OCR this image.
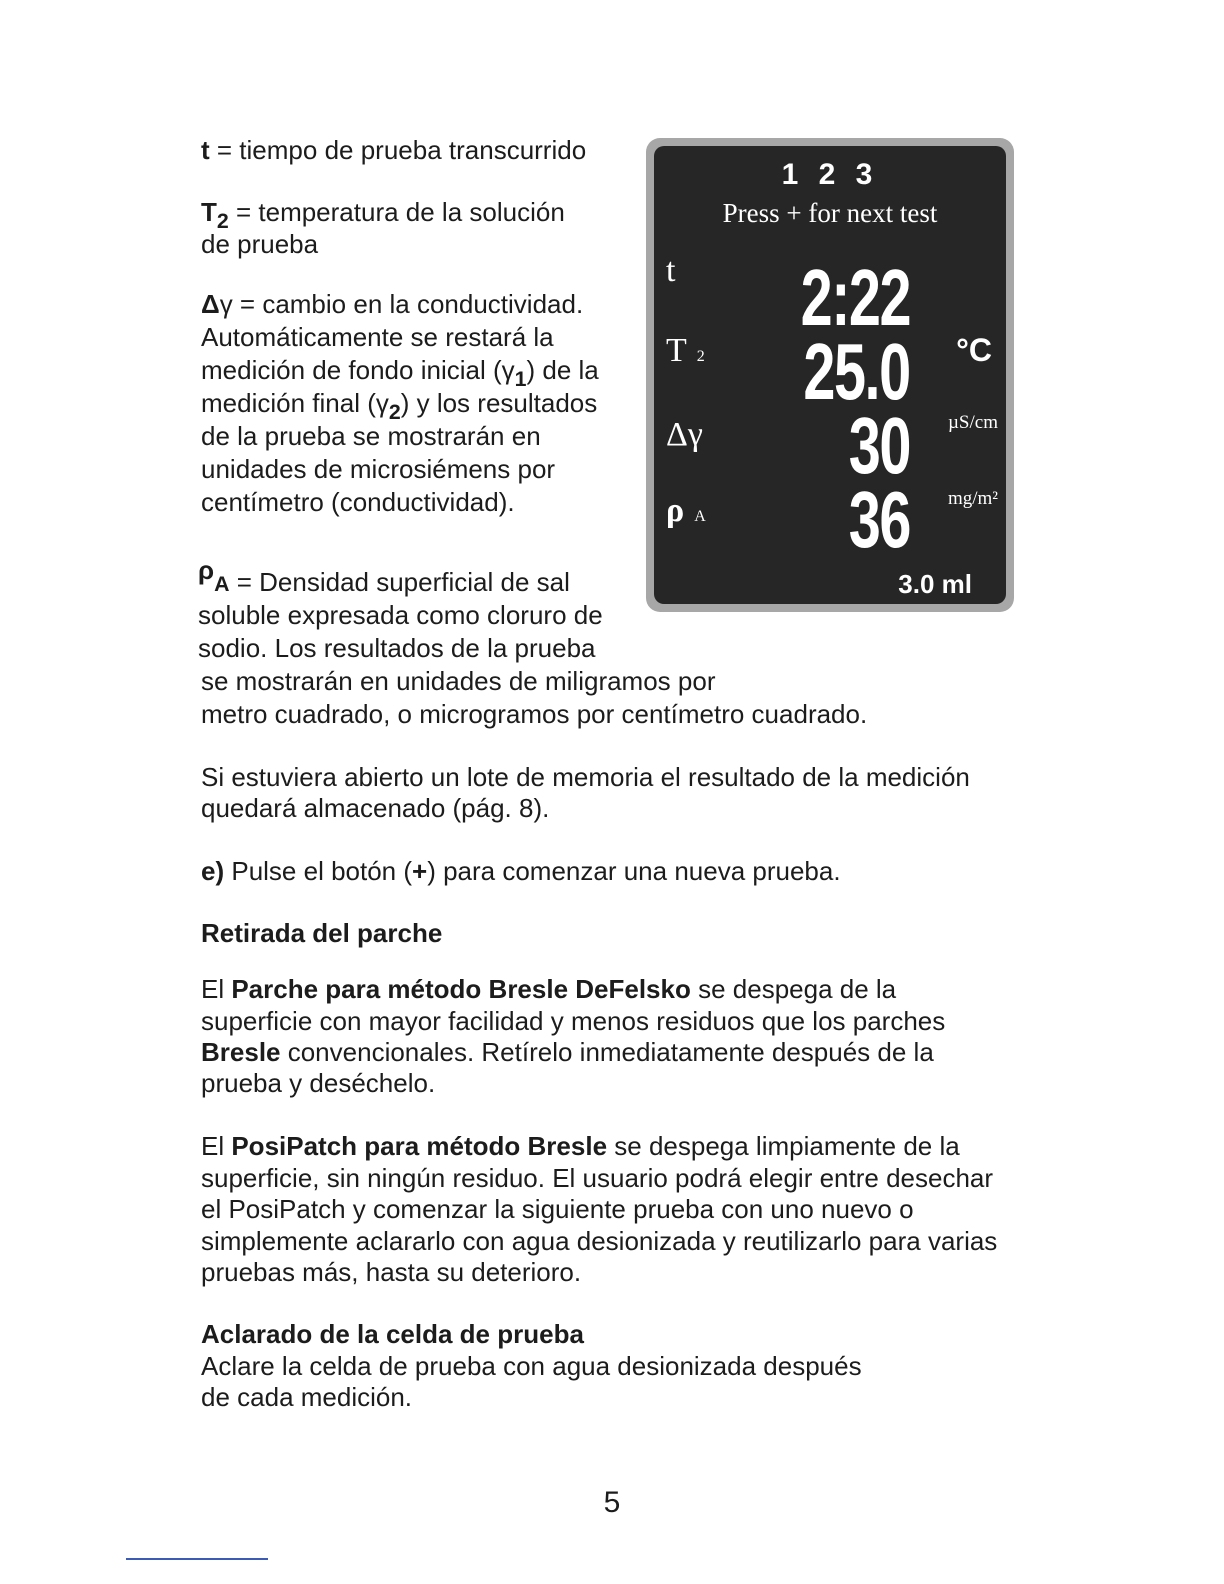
t = tiempo de prueba transcurrido
$T_2$ = temperatura de la solución
de prueba
Δγ = cambio en la conductividad.
Automáticamente se restará la
medición de fondo inicial $(\gamma_1)$ de la
medición final $(\gamma_2)$ y los resultados
de la prueba se mostrarán en
unidades de microsiémens por
centímetro (conductividad).
ρA = Densidad superficial de sal
soluble expresada como cloruro de
sodio. Los resultados de la prueba
se mostrarán en unidades de miligramos por
metro cuadrado, o microgramos por centímetro cuadrado.
Si estuviera abierto un lote de memoria el resultado de la medición
quedará almacenado (pág. 8).
e) Pulse el botón (+) para comenzar una nueva prueba.
Retirada del parche
El Parche para método Bresle DeFelsko se despega de la
superficie con mayor facilidad y menos residuos que los parches
Bresle convencionales. Retírelo inmediatamente después de la
prueba y deséchelo.
El PosiPatch para método Bresle se despega limpiamente de la
superficie, sin ningún residuo. El usuario podrá elegir entre desechar
el PosiPatch y comenzar la siguiente prueba con uno nuevo o
simplemente aclararlo con agua desionizada y reutilizarlo para varias
pruebas más, hasta su deterioro.
Aclarado de la celda de prueba
Aclare la celda de prueba con agua desionizada después
de cada medición.
1 2 3
Press + for next test
t 2:22
T 2 25.0 °C
Δγ 30 µS/cm
ρ A 36 mg/m²
3.0 ml
5
